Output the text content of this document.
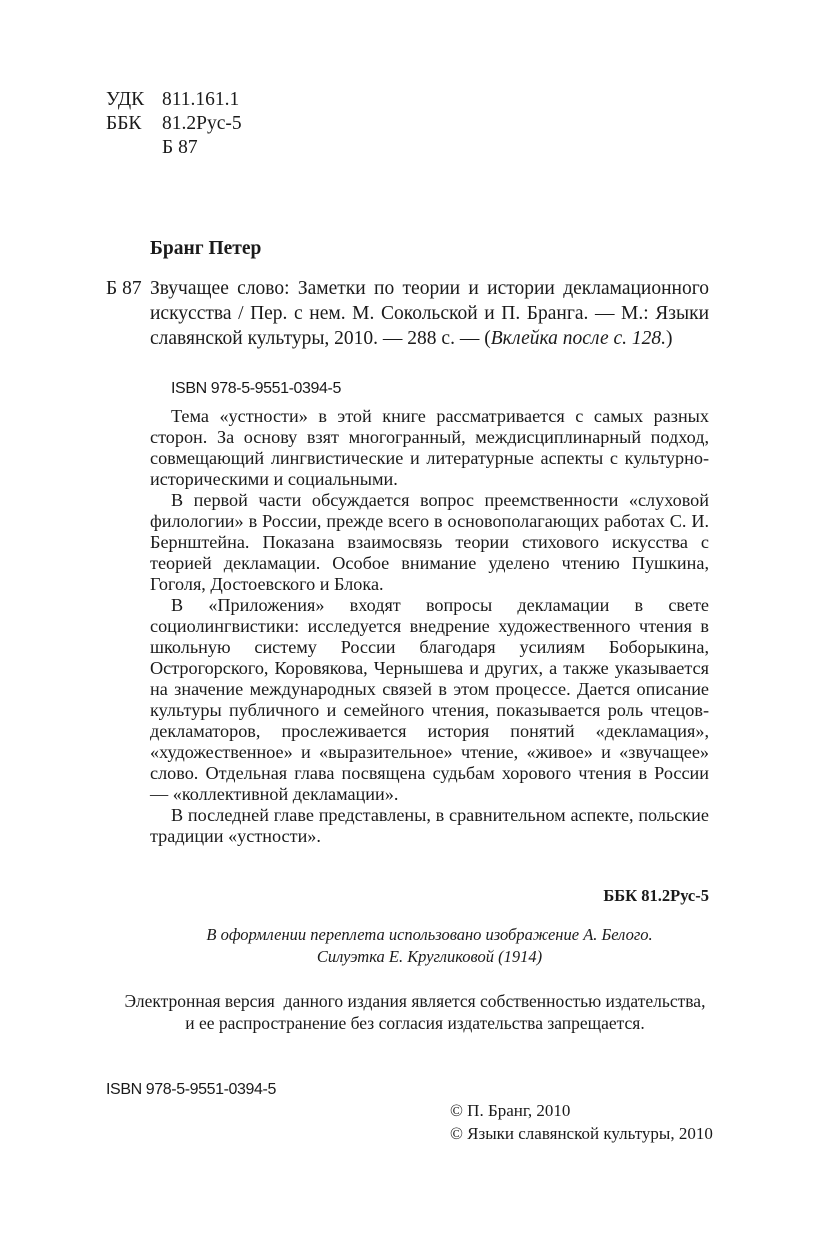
УДК 811.161.1
ББК 81.2Рус-5
Б 87
Бранг Петер
Б 87 Звучащее слово: Заметки по теории и истории декламационного искусства / Пер. с нем. М. Сокольской и П. Бранга. — М.: Языки славянской культуры, 2010. — 288 с. — (Вклейка после с. 128.)
ISBN 978-5-9551-0394-5

Тема «устности» в этой книге рассматривается с самых разных сторон. За основу взят многогранный, междисциплинарный подход, совмещающий лингвистические и литературные аспекты с культурно-историческими и социальными.

В первой части обсуждается вопрос преемственности «слуховой филологии» в России, прежде всего в основополагающих работах С. И. Бернштейна. Показана взаимосвязь теории стихового искусства с теорией декламации. Особое внимание уделено чтению Пушкина, Гоголя, Достоевского и Блока.

В «Приложения» входят вопросы декламации в свете социолингвистики: исследуется внедрение художественного чтения в школьную систему России благодаря усилиям Боборыкина, Острогорского, Коровякова, Чернышева и других, а также указывается на значение международных связей в этом процессе. Дается описание культуры публичного и семейного чтения, показывается роль чтецов-декламаторов, прослеживается история понятий «декламация», «художественное» и «выразительное» чтение, «живое» и «звучащее» слово. Отдельная глава посвящена судьбам хорового чтения в России — «коллективной декламации».

В последней главе представлены, в сравнительном аспекте, польские традиции «устности».

ББК 81.2Рус-5
В оформлении переплета использовано изображение А. Белого.
Силуэтка Е. Кругликовой (1914)
Электронная версия  данного издания является собственностью издательства,
и ее распространение без согласия издательства запрещается.
ISBN 978-5-9551-0394-5
© П. Бранг, 2010
© Языки славянской культуры, 2010
